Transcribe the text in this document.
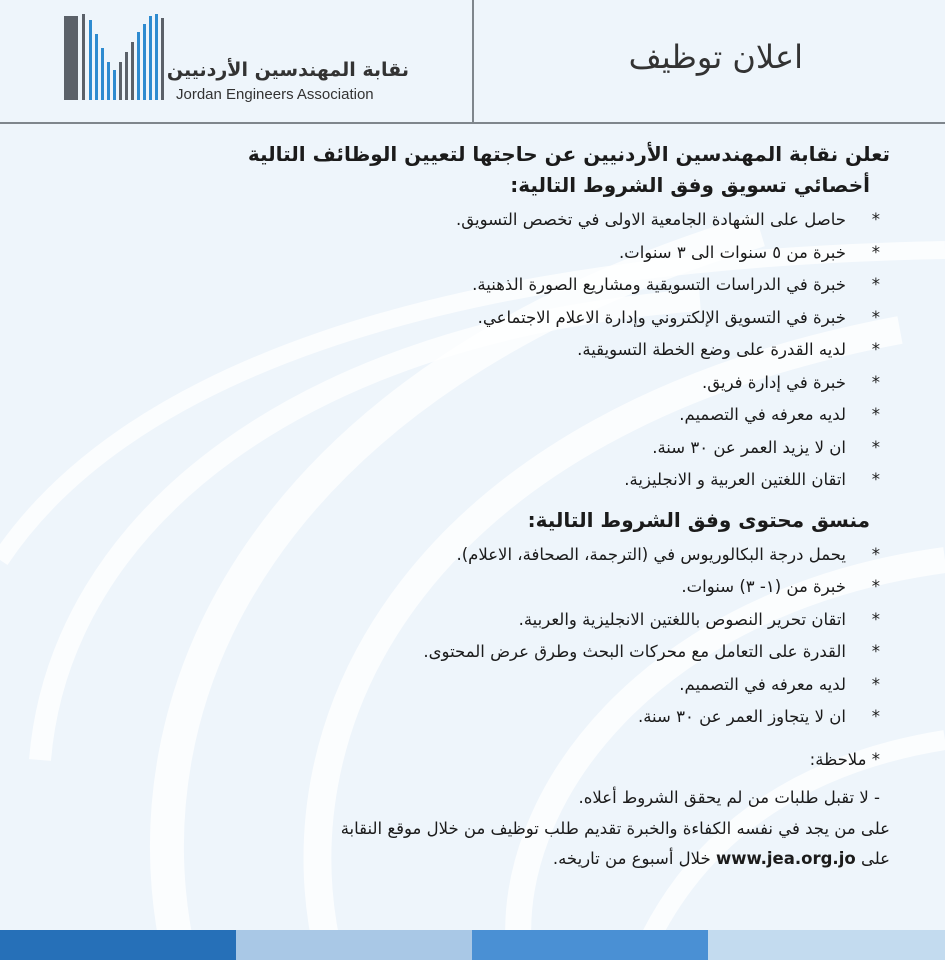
نقابة المهندسين الأردنيين
Jordan Engineers Association
اعلان توظيف
تعلن نقابة المهندسين الأردنيين عن حاجتها لتعيين الوظائف التالية
أخصائي تسويق وفق الشروط التالية:
*حاصل على الشهادة الجامعية الاولى في تخصص التسويق.
*خبرة من ٥ سنوات الى ٣ سنوات.
*خبرة في الدراسات التسويقية ومشاريع الصورة الذهنية.
*خبرة في التسويق الإلكتروني وإدارة الاعلام الاجتماعي.
*لديه القدرة على وضع الخطة التسويقية.
*خبرة في إدارة فريق.
*لديه معرفه في التصميم.
*ان لا يزيد العمر عن ٣٠ سنة.
*اتقان اللغتين العربية و الانجليزية.
منسق محتوى وفق الشروط التالية:
*يحمل درجة البكالوريوس في (الترجمة، الصحافة، الاعلام).
*خبرة من (١- ٣) سنوات.
*اتقان تحرير النصوص باللغتين الانجليزية والعربية.
*القدرة على التعامل مع محركات البحث وطرق عرض المحتوى.
*لديه معرفه في التصميم.
*ان لا يتجاوز العمر عن ٣٠ سنة.
* ملاحظة:
- لا تقبل طلبات من لم يحقق الشروط أعلاه.
على من يجد في نفسه الكفاءة والخبرة تقديم طلب توظيف من خلال موقع النقابة
على www.jea.org.jo خلال أسبوع من تاريخه.
